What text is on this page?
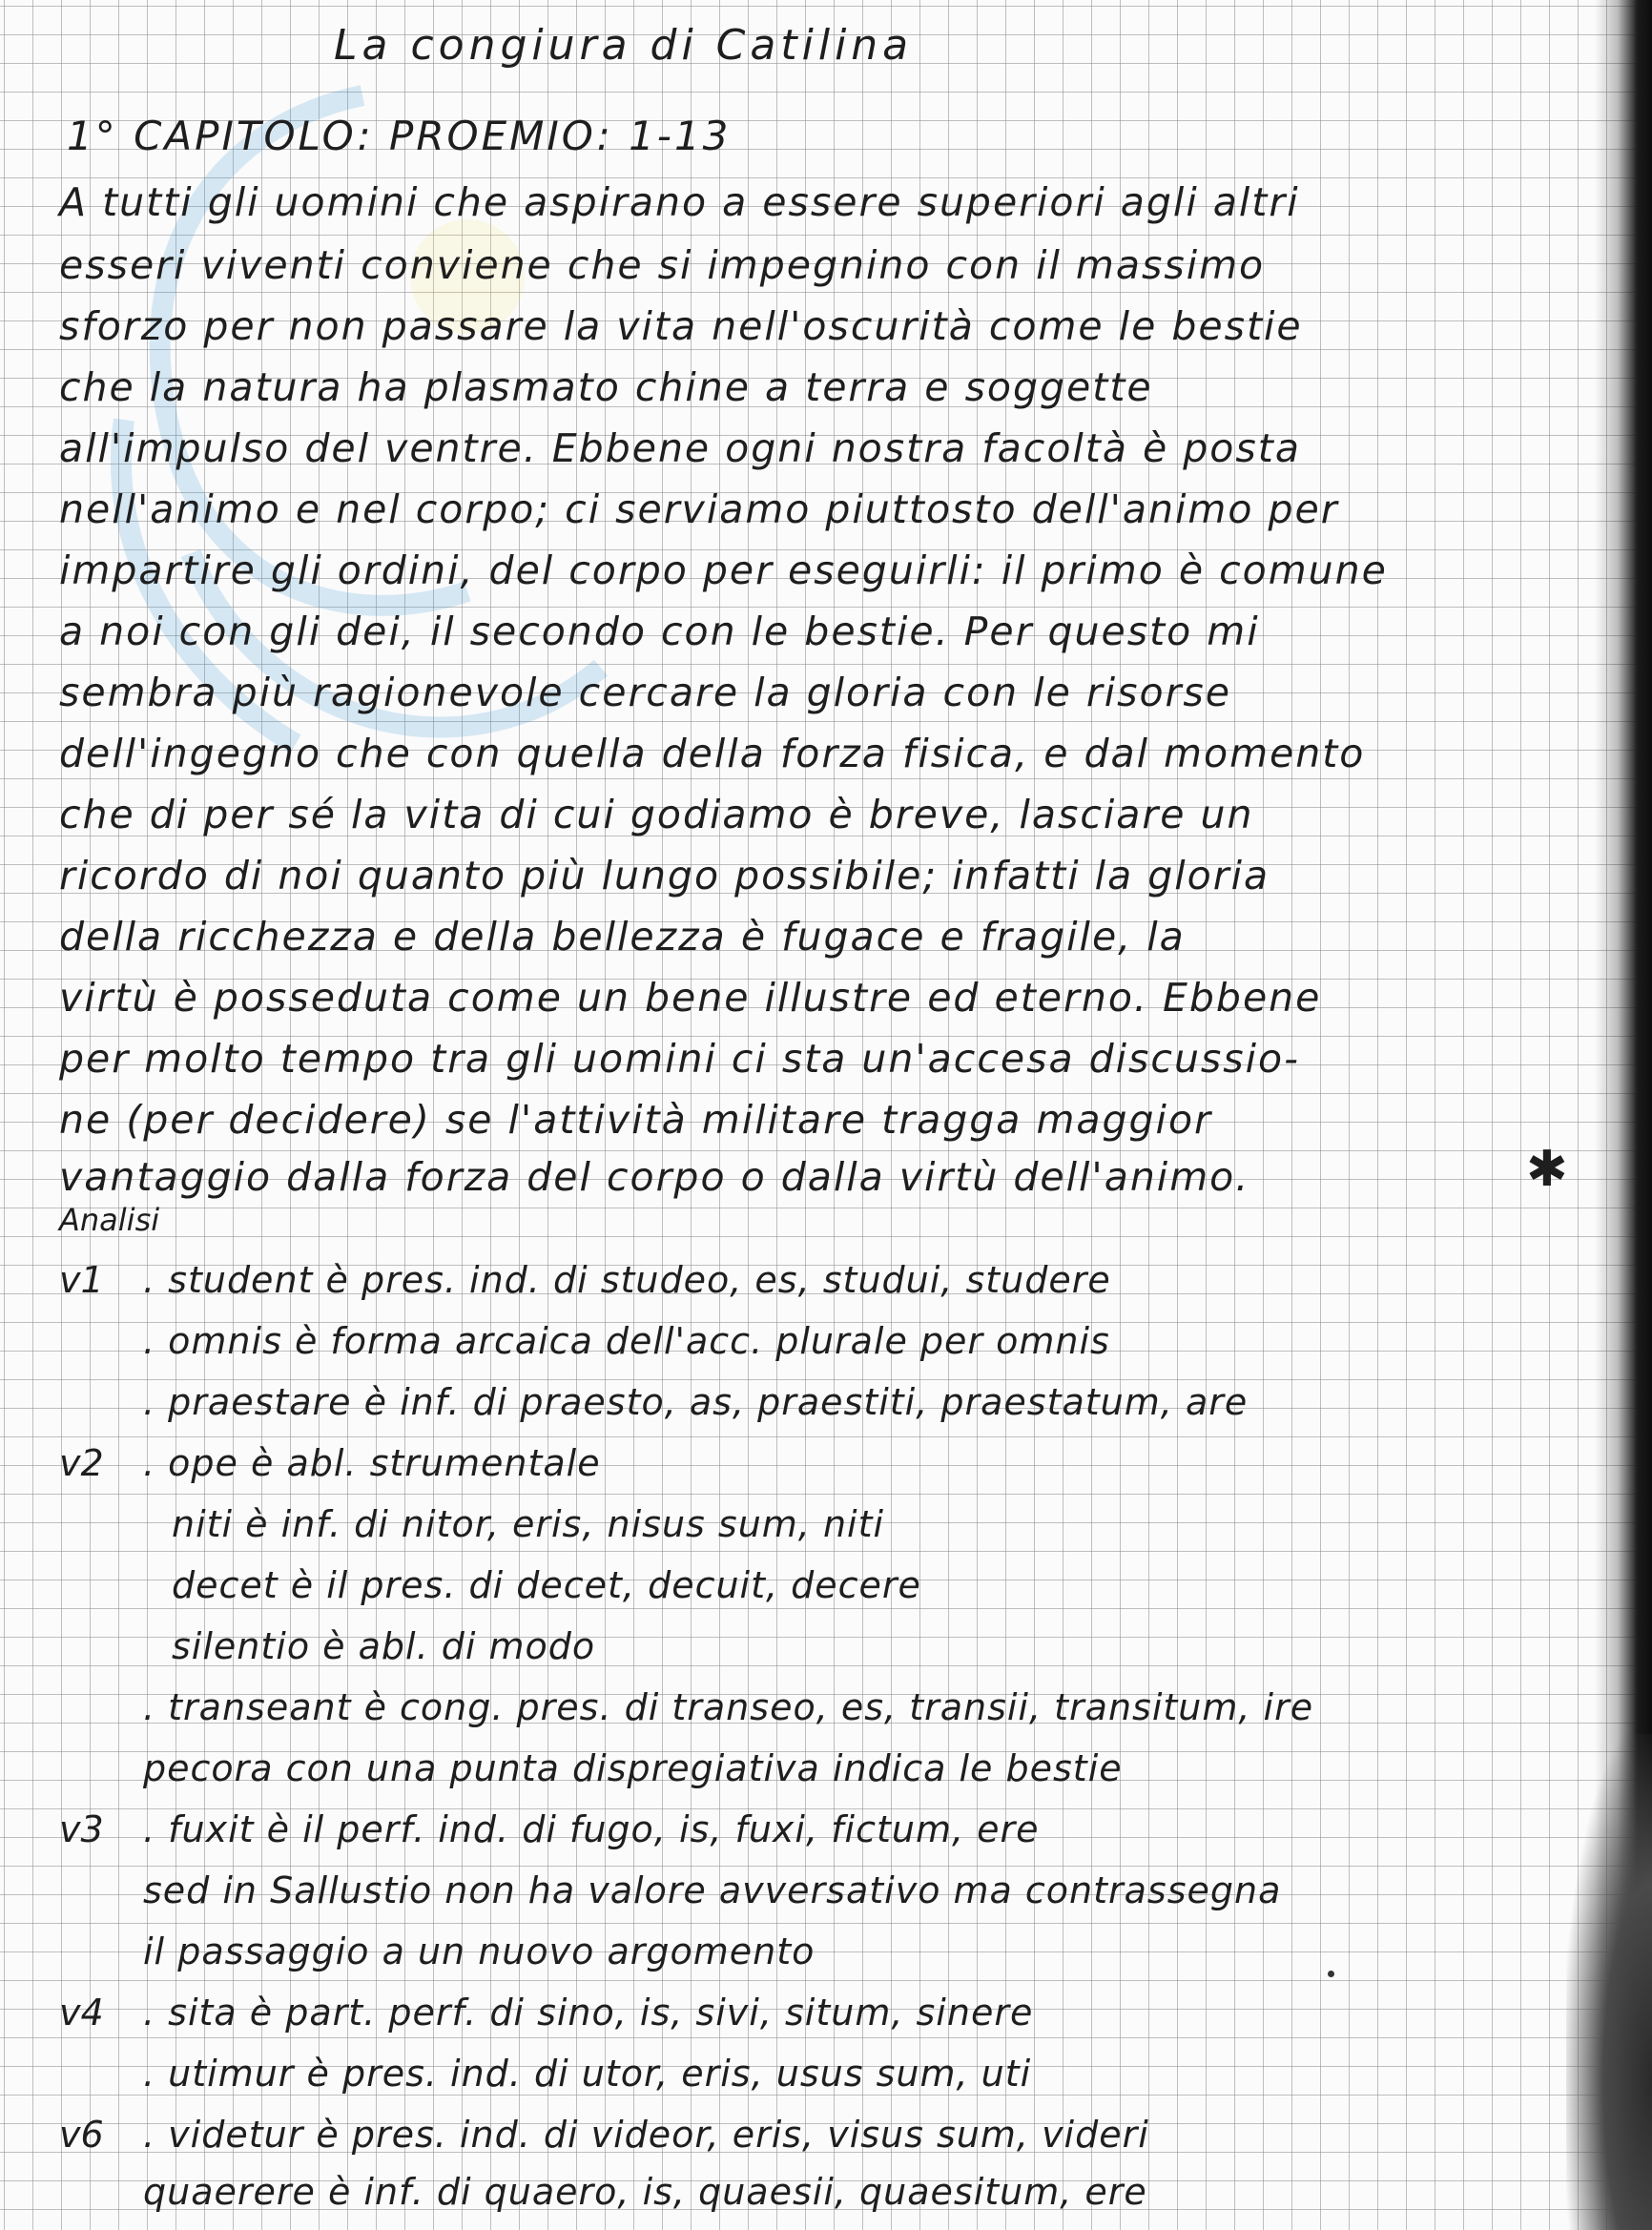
La congiura di Catilina
1° CAPITOLO: PROEMIO: 1-13
A tutti gli uomini che aspirano a essere superiori agli altri
esseri viventi conviene che si impegnino con il massimo
sforzo per non passare la vita nell'oscurità come le bestie
che la natura ha plasmato chine a terra e soggette
all'impulso del ventre. Ebbene ogni nostra facoltà è posta
nell'animo e nel corpo; ci serviamo piuttosto dell'animo per
impartire gli ordini, del corpo per eseguirli: il primo è comune
a noi con gli dei, il secondo con le bestie. Per questo mi
sembra più ragionevole cercare la gloria con le risorse
dell'ingegno che con quella della forza fisica, e dal momento
che di per sé la vita di cui godiamo è breve, lasciare un
ricordo di noi quanto più lungo possibile; infatti la gloria
della ricchezza e della bellezza è fugace e fragile, la
virtù è posseduta come un bene illustre ed eterno. Ebbene
per molto tempo tra gli uomini ci sta un'accesa discussio-
ne (per decidere) se l'attività militare tragga maggior
vantaggio dalla forza del corpo o dalla virtù dell'animo.	✱
Analisi
v1 . student è pres. ind. di studeo, es, studui, studere
. omnis è forma arcaica dell'acc. plurale per omnis
. praestare è inf. di praesto, as, praestiti, praestatum, are
v2 . ope è abl. strumentale
niti è inf. di nitor, eris, nisus sum, niti
decet è il pres. di decet, decuit, decere
silentio è abl. di modo
. transeant è cong. pres. di transeo, es, transii, transitum, ire
pecora con una punta dispregiativa indica le bestie
v3 . fuxit è il perf. ind. di fugo, is, fuxi, fictum, ere
sed in Sallustio non ha valore avversativo ma contrassegna
il passaggio a un nuovo argomento
v4 . sita è part. perf. di sino, is, sivi, situm, sinere
. utimur è pres. ind. di utor, eris, usus sum, uti
v6 . videtur è pres. ind. di videor, eris, visus sum, videri
quaerere è inf. di quaero, is, quaesii, quaesitum, ere
